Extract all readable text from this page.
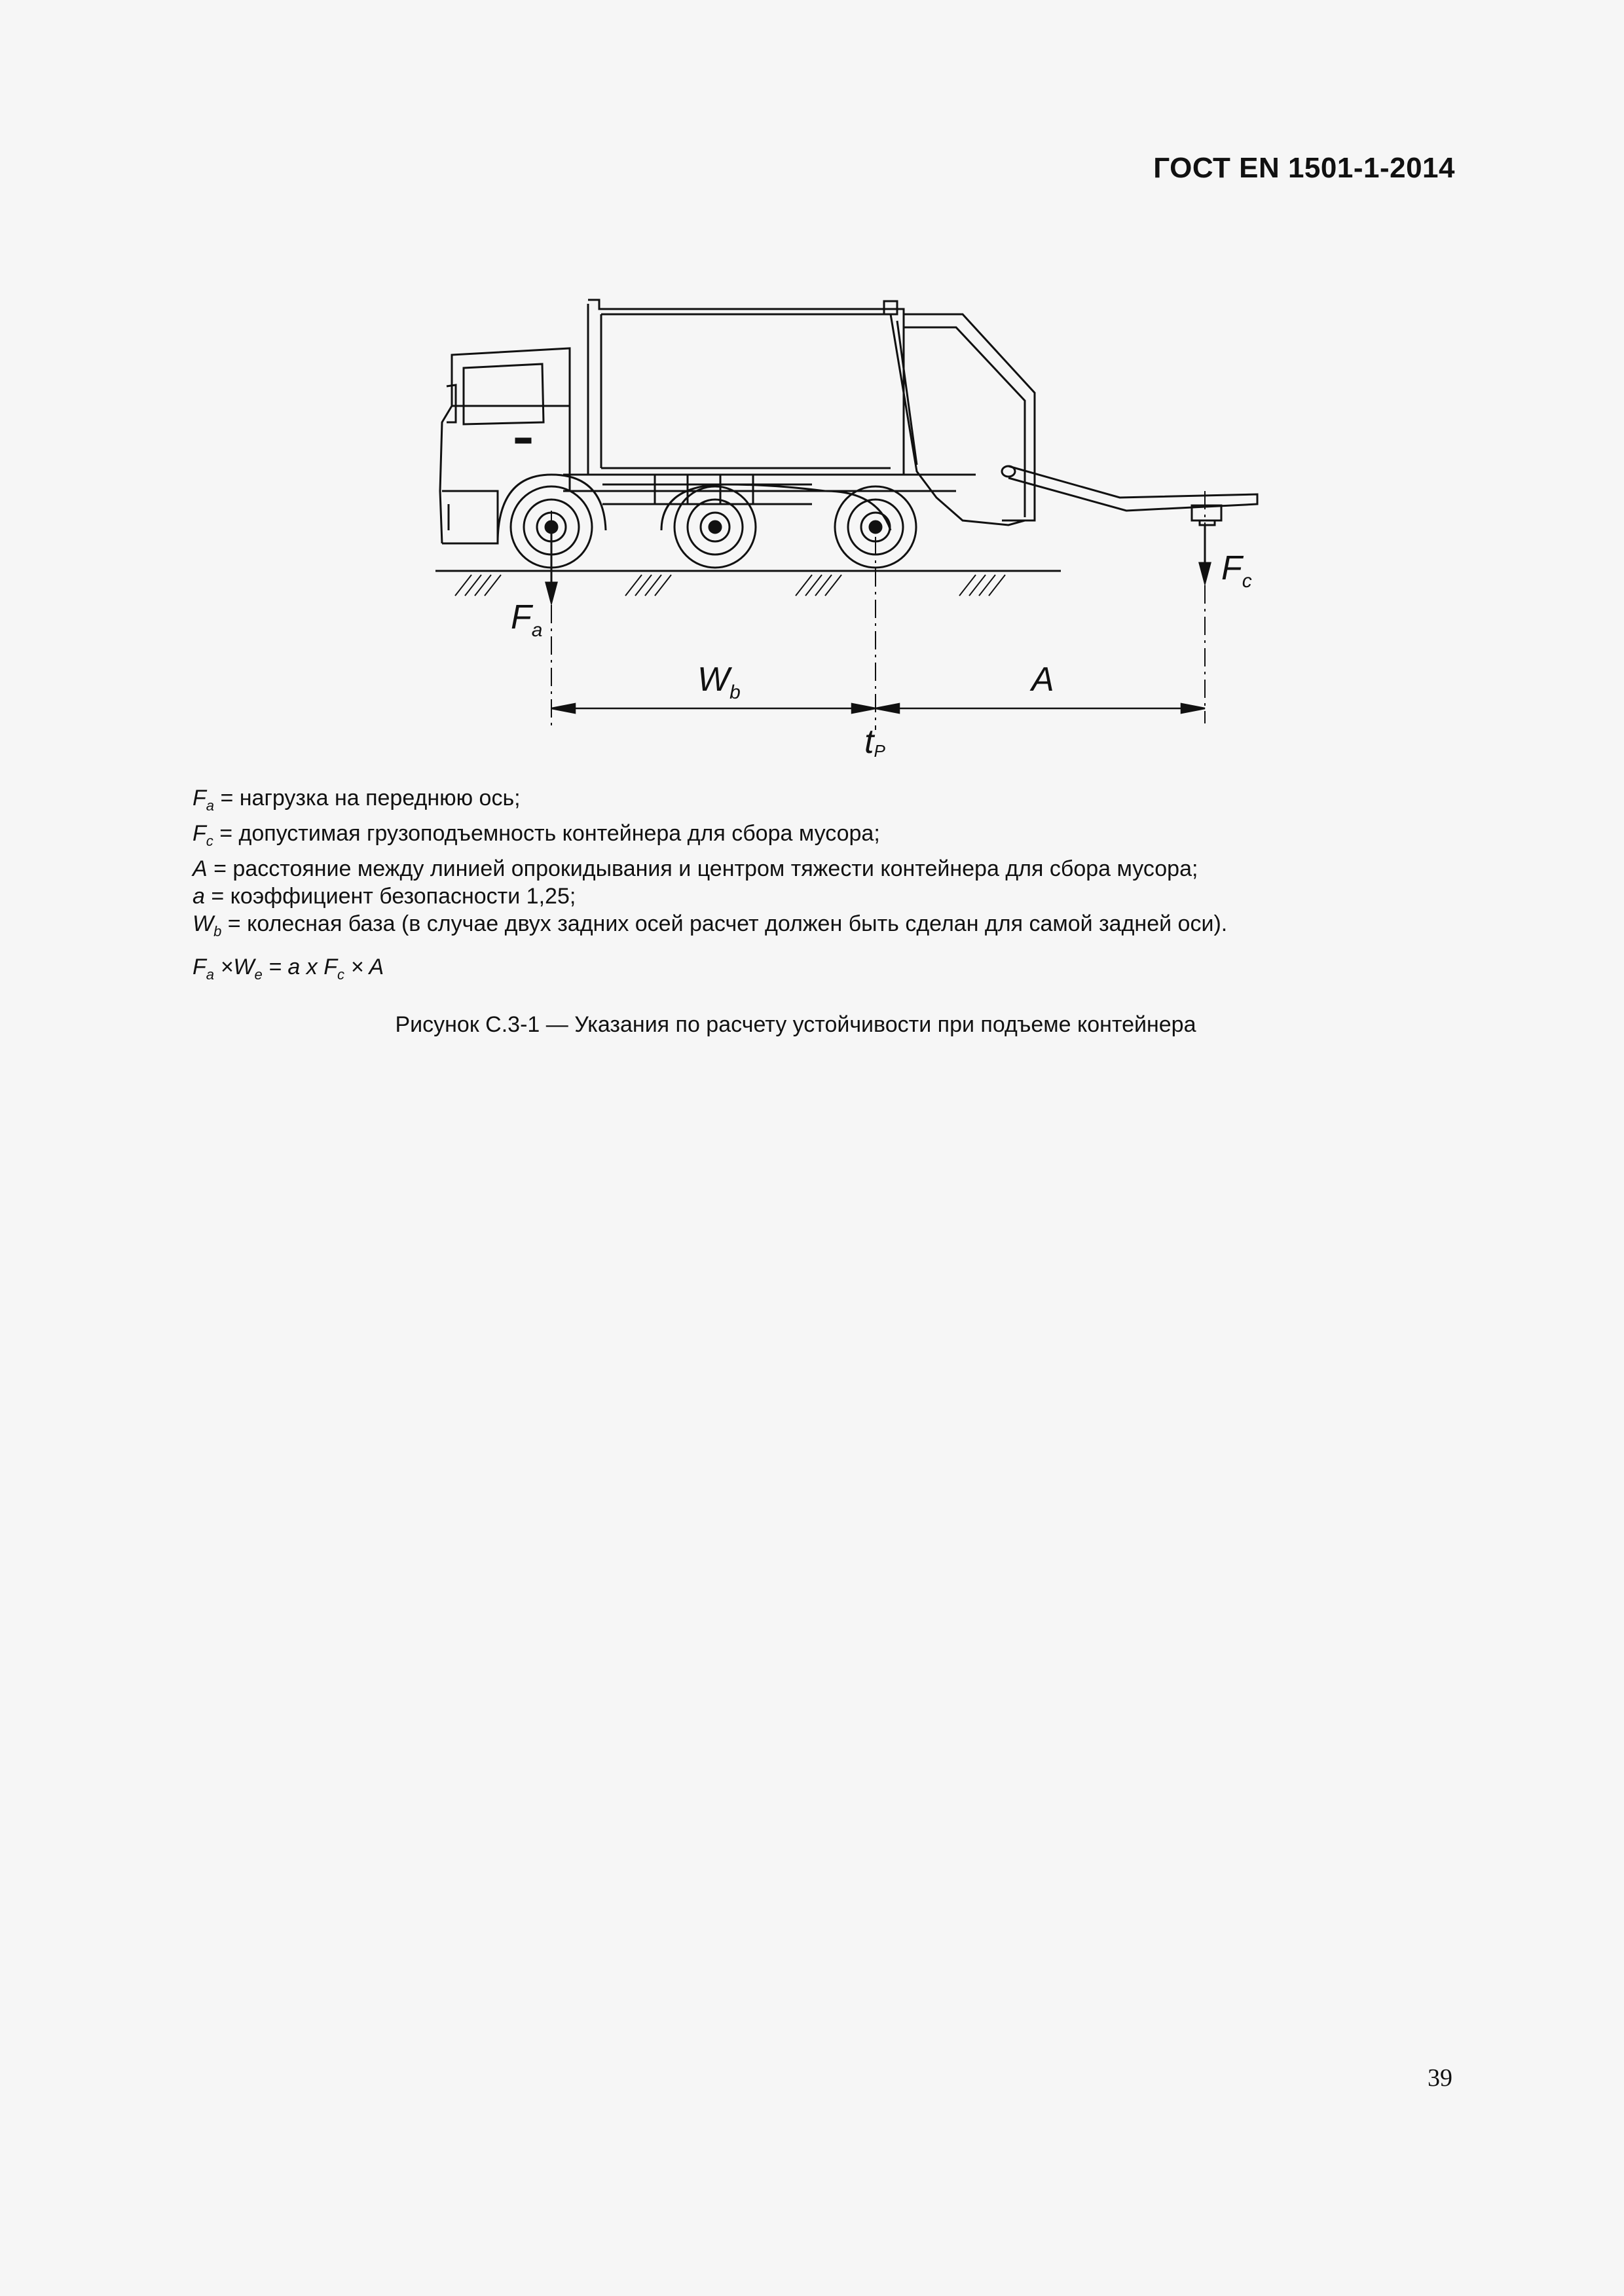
ГОСТ EN 1501-1-2014
$F_a$
$F_c$
$W_b$	A
tP
$F_a$ = нагрузка на переднюю ось;
$F_c$ = допустимая грузоподъемность контейнера для сбора мусора;
A = расстояние между линией опрокидывания и центром тяжести контейнера для сбора мусора;
a = коэффициент безопасности 1,25;
$W_b$ = колесная база (в случае двух задних осей расчет должен быть сделан для самой задней оси).
$F_a \times W_e = a$ x $F_c \times A$
Рисунок С.3-1 — Указания по расчету устойчивости при подъеме контейнера
39
